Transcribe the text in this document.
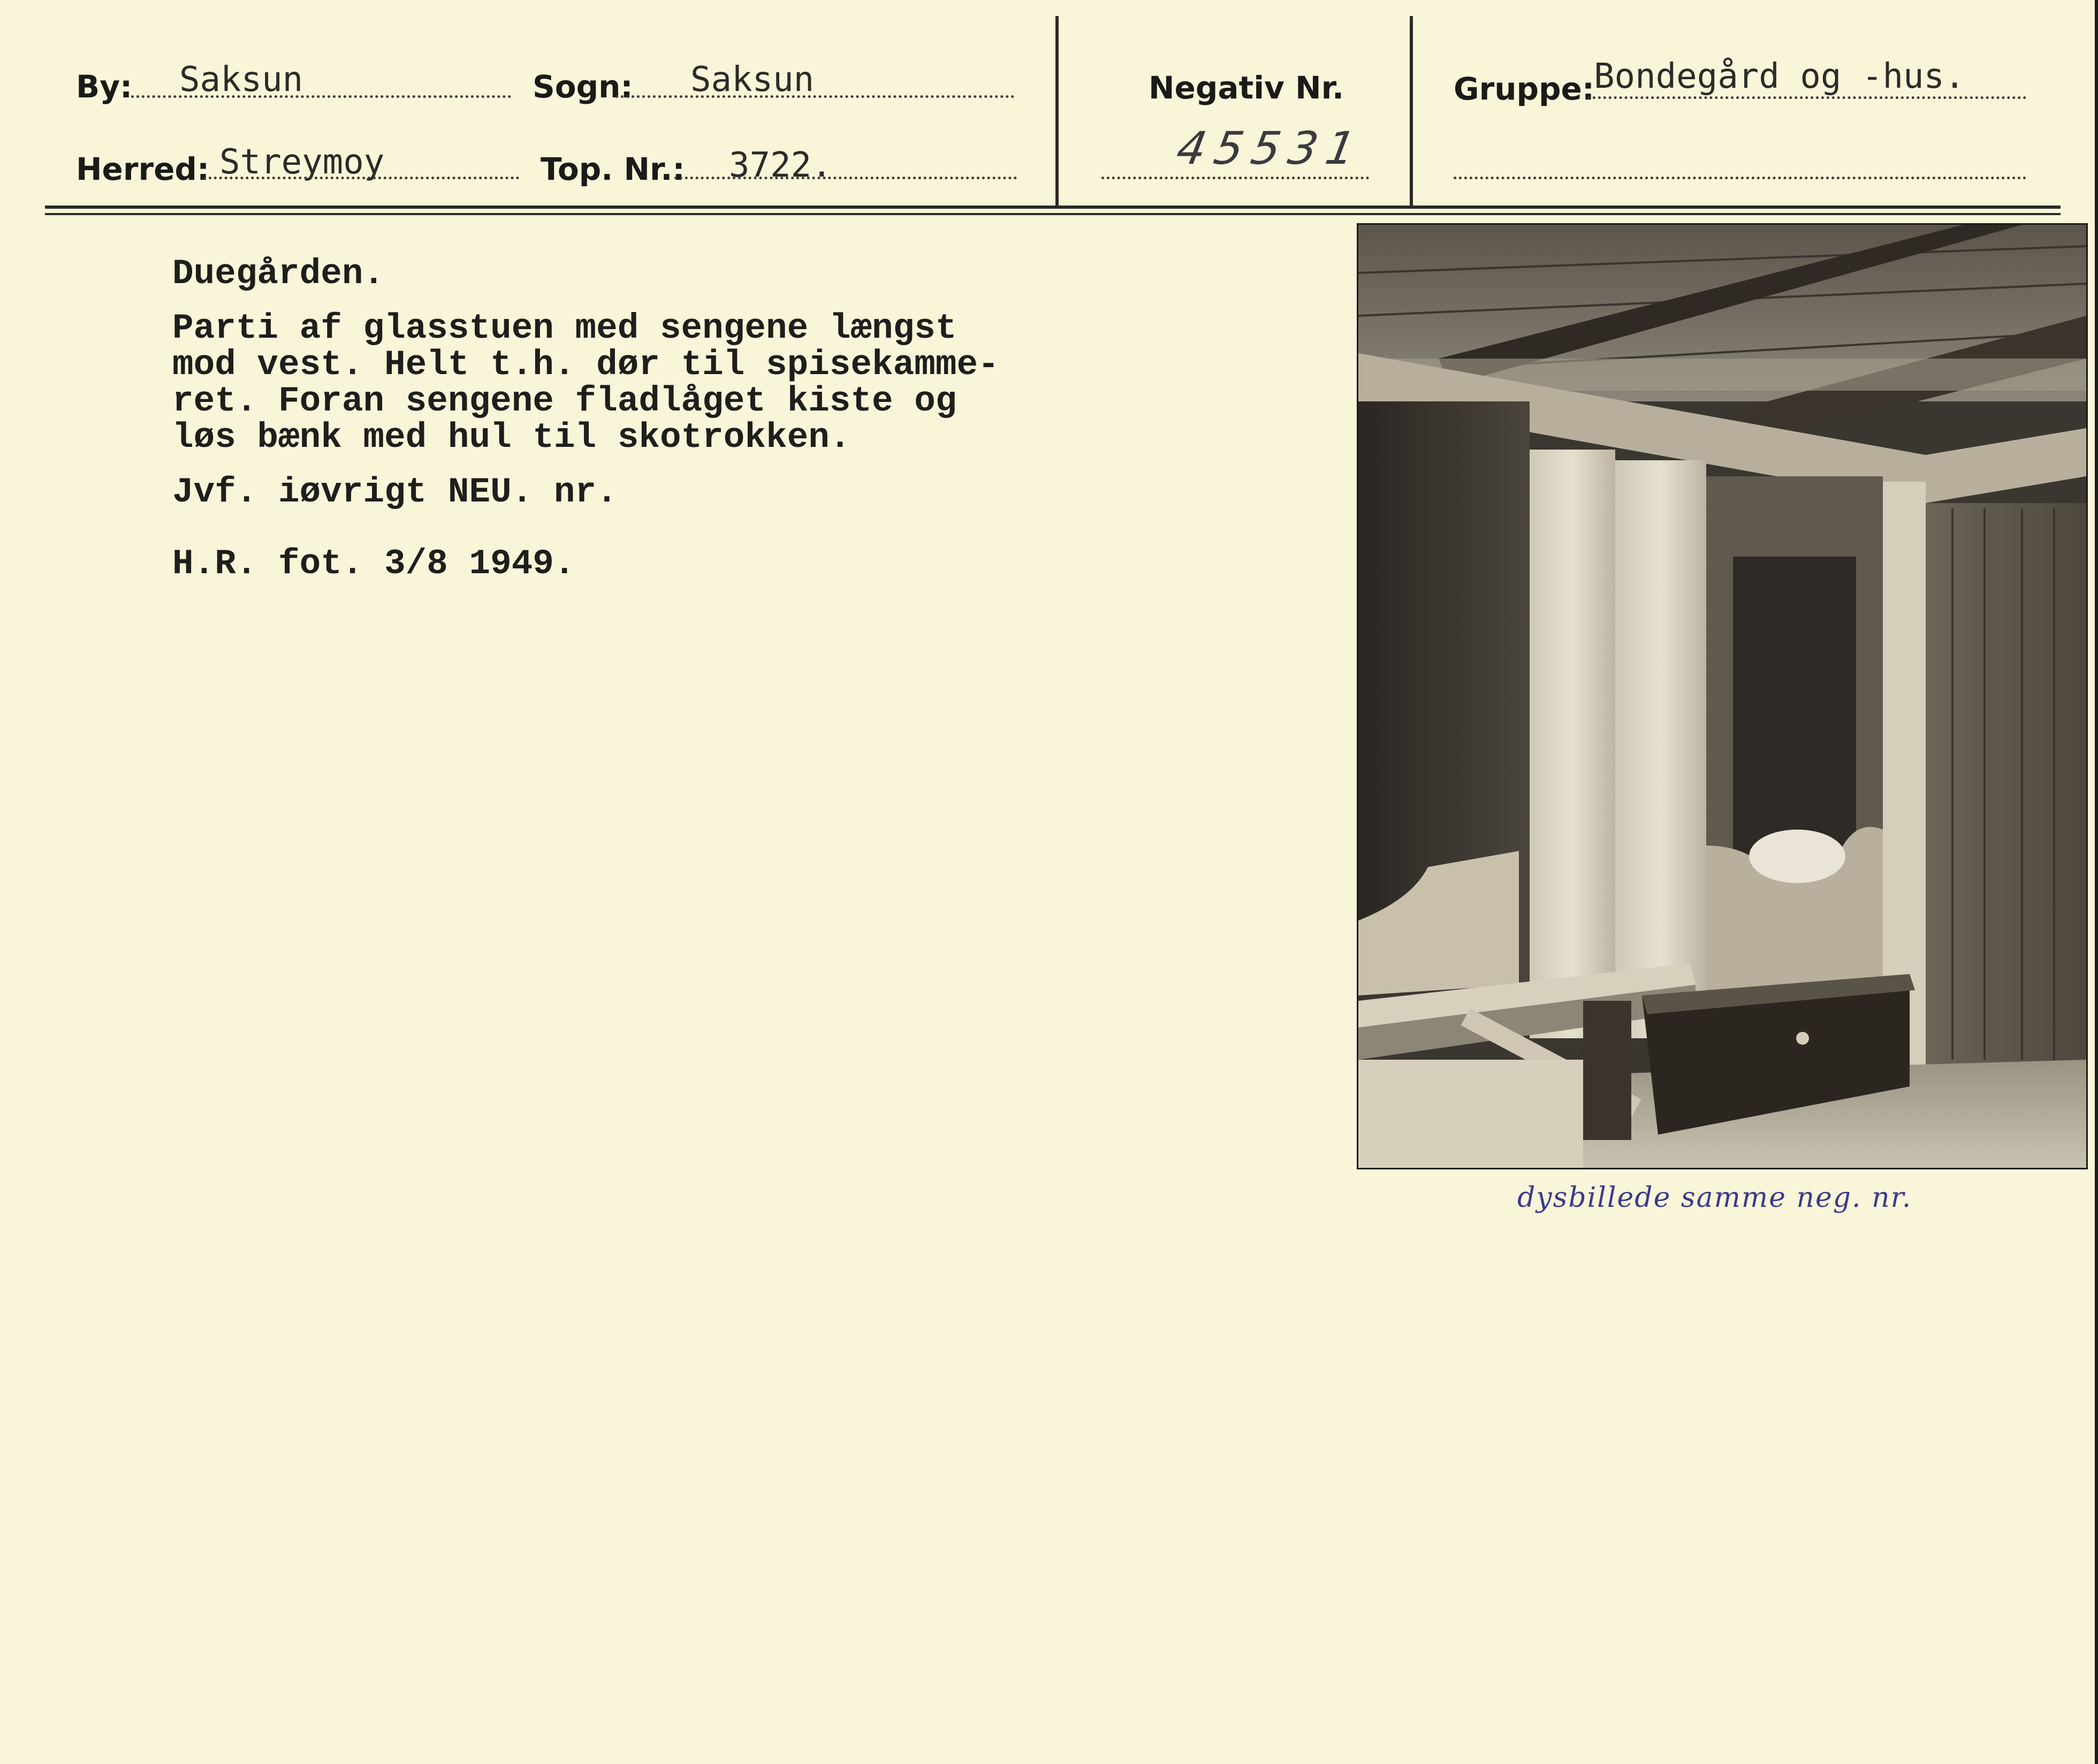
By: Saksun	Sogn: Saksun
Herred: Streymoy	Top. Nr.: 3722.
Negativ Nr.
45531
Gruppe:
Bondegård og -hus.
Duegården.
Parti af glasstuen med sengene længst
mod vest. Helt t.h. dør til spisekamme-
ret. Foran sengene fladlåget kiste og
løs bænk med hul til skotrokken.
Jvf. iøvrigt NEU. nr.
H.R. fot. 3/8 1949.
dysbillede samme neg. nr.
